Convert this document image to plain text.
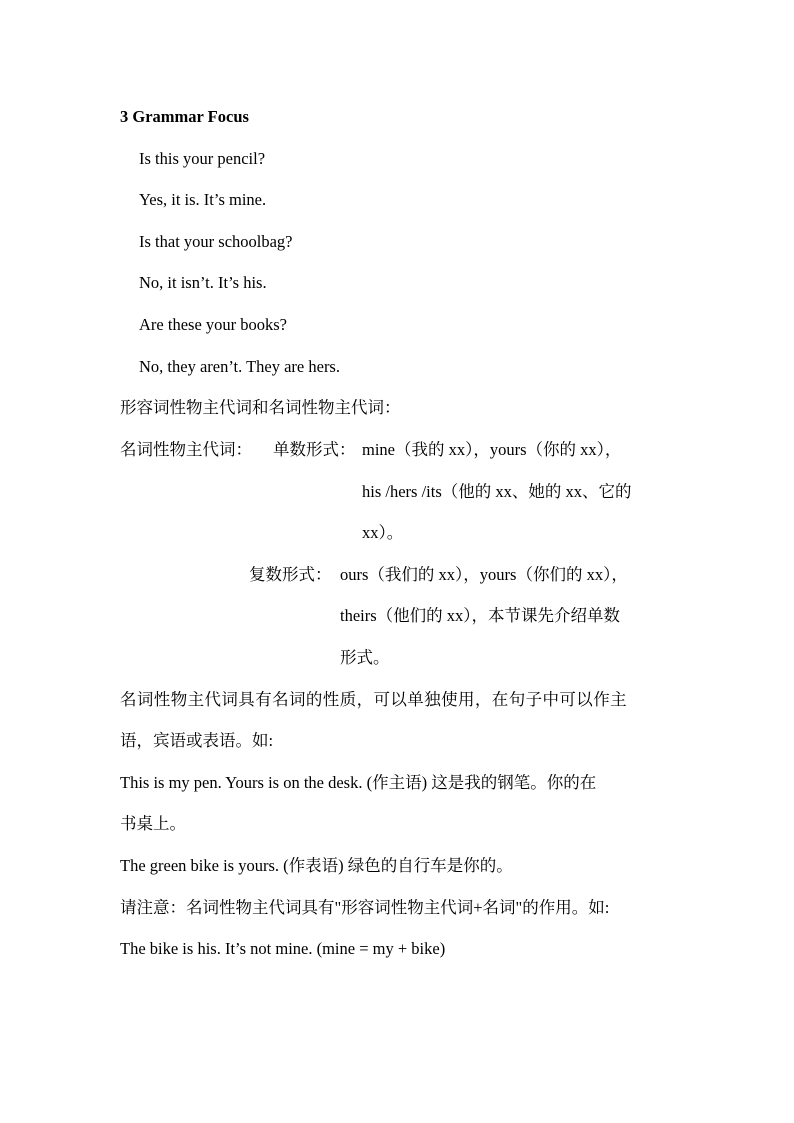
3 Grammar Focus
Is this your pencil?
Yes, it is. It’s mine.
Is that your schoolbag?
No, it isn’t. It’s his.
Are these your books?
No, they aren’t. They are hers.
形容词性物主代词和名词性物主代词：
名词性物主代词： 单数形式： mine（我的 xx），yours（你的 xx），
his /hers /its（他的 xx、她的 xx、它的
xx）。
复数形式： ours（我们的 xx），yours（你们的 xx），
theirs（他们的 xx），本节课先介绍单数
形式。
名词性物主代词具有名词的性质，可以单独使用，在句子中可以作主
语，宾语或表语。如:
This is my pen. Yours is on the desk. (作主语) 这是我的钢笔。你的在
书桌上。
The green bike is yours. (作表语) 绿色的自行车是你的。
请注意：名词性物主代词具有"形容词性物主代词+名词"的作用。如:
The bike is his. It’s not mine. (mine = my + bike)
